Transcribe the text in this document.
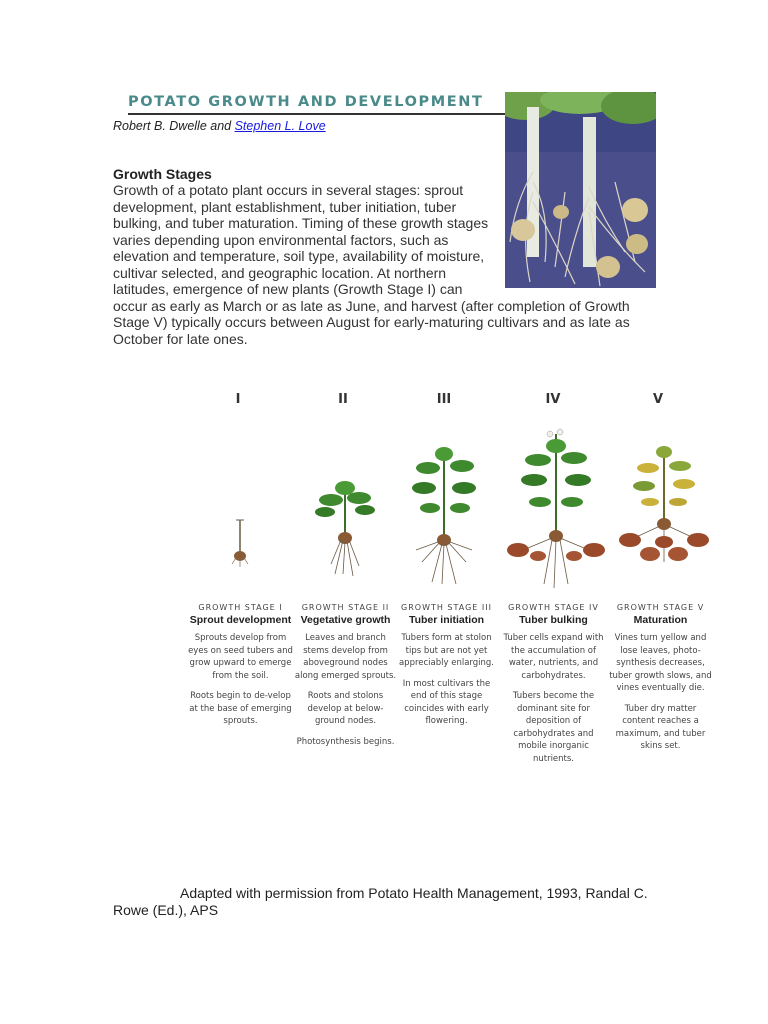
POTATO GROWTH AND DEVELOPMENT
Robert B. Dwelle and Stephen L. Love
Growth Stages
Growth of a potato plant occurs in several stages: sprout
development, plant establishment, tuber initiation, tuber
bulking, and tuber maturation. Timing of these growth stages
varies depending upon environmental factors, such as
elevation and temperature, soil type, availability of moisture,
cultivar selected, and geographic location. At northern
latitudes, emergence of new plants (Growth Stage I) can
occur as early as March or as late as June, and harvest (after completion of Growth
Stage V) typically occurs between August for early-maturing cultivars and as late as
October for late ones.
I	II	III	IV	V
GROWTH STAGE I
Sprout development

Sprouts develop from eyes on seed tubers and grow upward to emerge from the soil.

Roots begin to de-velop at the base of emerging sprouts.

GROWTH STAGE II
Vegetative growth

Leaves and branch stems develop from aboveground nodes along emerged sprouts.

Roots and stolons develop at below-ground nodes.

Photosynthesis begins.

GROWTH STAGE III
Tuber initiation

Tubers form at stolon tips but are not yet appreciably enlarging.

In most cultivars the end of this stage coincides with early flowering.

GROWTH STAGE IV
Tuber bulking

Tuber cells expand with the accumulation of water, nutrients, and carbohydrates.

Tubers become the dominant site for deposition of carbohydrates and mobile inorganic nutrients.

GROWTH STAGE V
Maturation

Vines turn yellow and lose leaves, photo-synthesis decreases, tuber growth slows, and vines eventually die.

Tuber dry matter content reaches a maximum, and tuber skins set.

Adapted with permission from Potato Health Management, 1993, Randal C.
Rowe (Ed.), APS
